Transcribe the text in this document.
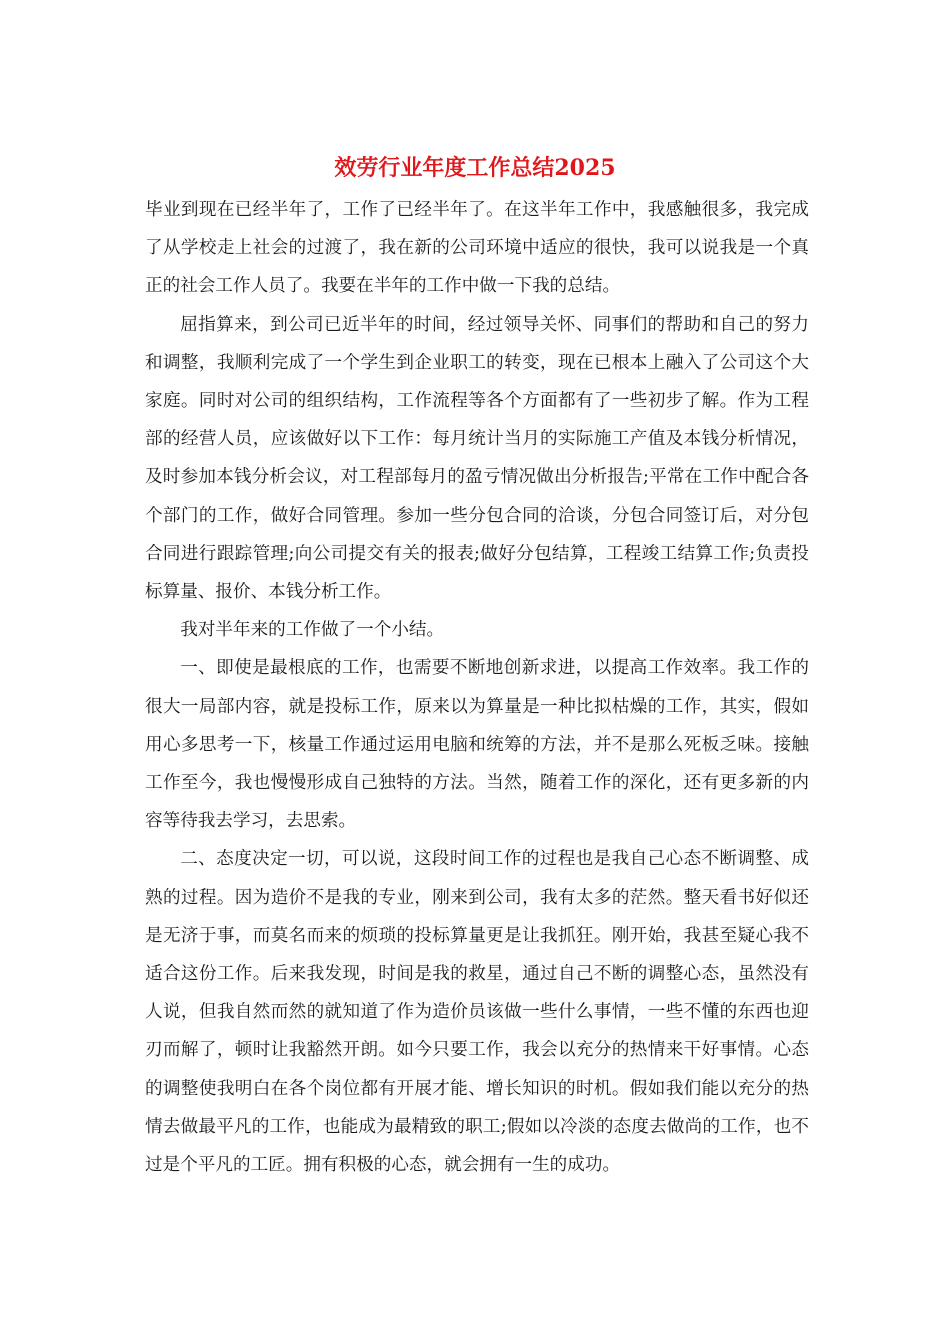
效劳行业年度工作总结2025

毕业到现在已经半年了，工作了已经半年了。在这半年工作中，我感触很多，我完成了从学校走上社会的过渡了，我在新的公司环境中适应的很快，我可以说我是一个真正的社会工作人员了。我要在半年的工作中做一下我的总结。

屈指算来，到公司已近半年的时间，经过领导关怀、同事们的帮助和自己的努力和调整，我顺利完成了一个学生到企业职工的转变，现在已根本上融入了公司这个大家庭。同时对公司的组织结构，工作流程等各个方面都有了一些初步了解。作为工程部的经营人员，应该做好以下工作：每月统计当月的实际施工产值及本钱分析情况，及时参加本钱分析会议，对工程部每月的盈亏情况做出分析报告;平常在工作中配合各个部门的工作，做好合同管理。参加一些分包合同的洽谈，分包合同签订后，对分包合同进行跟踪管理;向公司提交有关的报表;做好分包结算，工程竣工结算工作;负责投标算量、报价、本钱分析工作。

我对半年来的工作做了一个小结。

一、即使是最根底的工作，也需要不断地创新求进，以提高工作效率。我工作的很大一局部内容，就是投标工作，原来以为算量是一种比拟枯燥的工作，其实，假如用心多思考一下，核量工作通过运用电脑和统筹的方法，并不是那么死板乏味。接触工作至今，我也慢慢形成自己独特的方法。当然，随着工作的深化，还有更多新的内容等待我去学习，去思索。

二、态度决定一切，可以说，这段时间工作的过程也是我自己心态不断调整、成熟的过程。因为造价不是我的专业，刚来到公司，我有太多的茫然。整天看书好似还是无济于事，而莫名而来的烦琐的投标算量更是让我抓狂。刚开始，我甚至疑心我不适合这份工作。后来我发现，时间是我的救星，通过自己不断的调整心态，虽然没有人说，但我自然而然的就知道了作为造价员该做一些什么事情，一些不懂的东西也迎刃而解了，顿时让我豁然开朗。如今只要工作，我会以充分的热情来干好事情。心态的调整使我明白在各个岗位都有开展才能、增长知识的时机。假如我们能以充分的热情去做最平凡的工作，也能成为最精致的职工;假如以冷淡的态度去做尚的工作，也不过是个平凡的工匠。拥有积极的心态，就会拥有一生的成功。
